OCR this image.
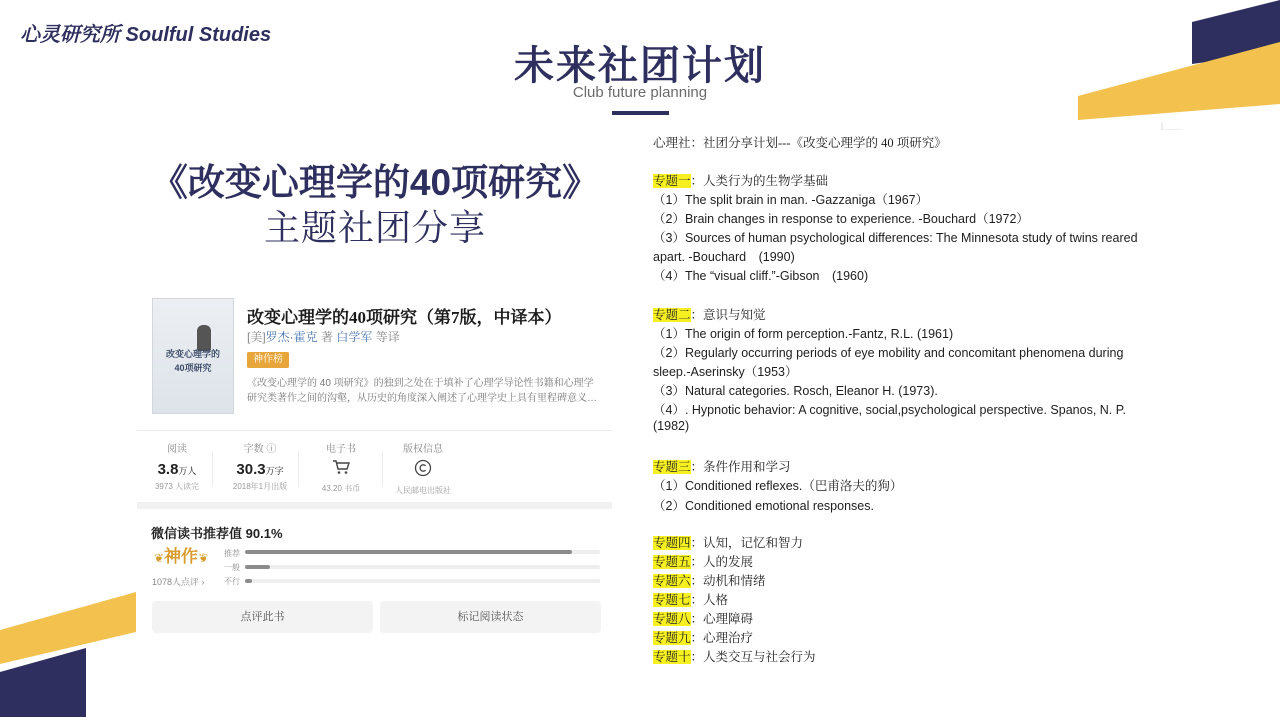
心灵研究所 Soulful Studies
未来社团计划
Club future planning
《改变心理学的40项研究》
主题社团分享
改变心理学的
40项研究
改变心理学的40项研究（第7版，中译本）
[美]罗杰·霍克 著 白学军 等译
神作榜
《改变心理学的 40 项研究》的独到之处在于填补了心理学导论性书籍和心理学研究类著作之间的沟壑，从历史的角度深入阐述了心理学史上具有里程碑意义…
阅读
3.8万人
3973 人读完
字数 ⓘ
30.3万字
2018年1月出版
电子书
43.20 书币
版权信息
人民邮电出版社
微信读书推荐值 90.1%
❦神作❦
1078人点评 ›
推荐
一般
不行
点评此书	标记阅读状态
心理社：社团分享计划---《改变心理学的 40 项研究》
专题一：人类行为的生物学基础
（1）The split brain in man. -Gazzaniga（1967）
（2）Brain changes in response to experience. -Bouchard（1972）
（3）Sources of human psychological differences: The Minnesota study of twins reared
apart. -Bouchard　(1990)
（4）The “visual cliff.”-Gibson　(1960)
专题二：意识与知觉
（1）The origin of form perception.-Fantz, R.L. (1961)
（2）Regularly occurring periods of eye mobility and concomitant phenomena during
sleep.-Aserinsky（1953）
（3）Natural categories. Rosch, Eleanor H. (1973).
（4）. Hypnotic behavior: A cognitive, social,psychological perspective. Spanos, N. P.
(1982)
专题三：条件作用和学习
（1）Conditioned reflexes.（巴甫洛夫的狗）
（2）Conditioned emotional responses.
专题四：认知，记忆和智力
专题五：人的发展
专题六：动机和情绪
专题七：人格
专题八：心理障碍
专题九：心理治疗
专题十：人类交互与社会行为
